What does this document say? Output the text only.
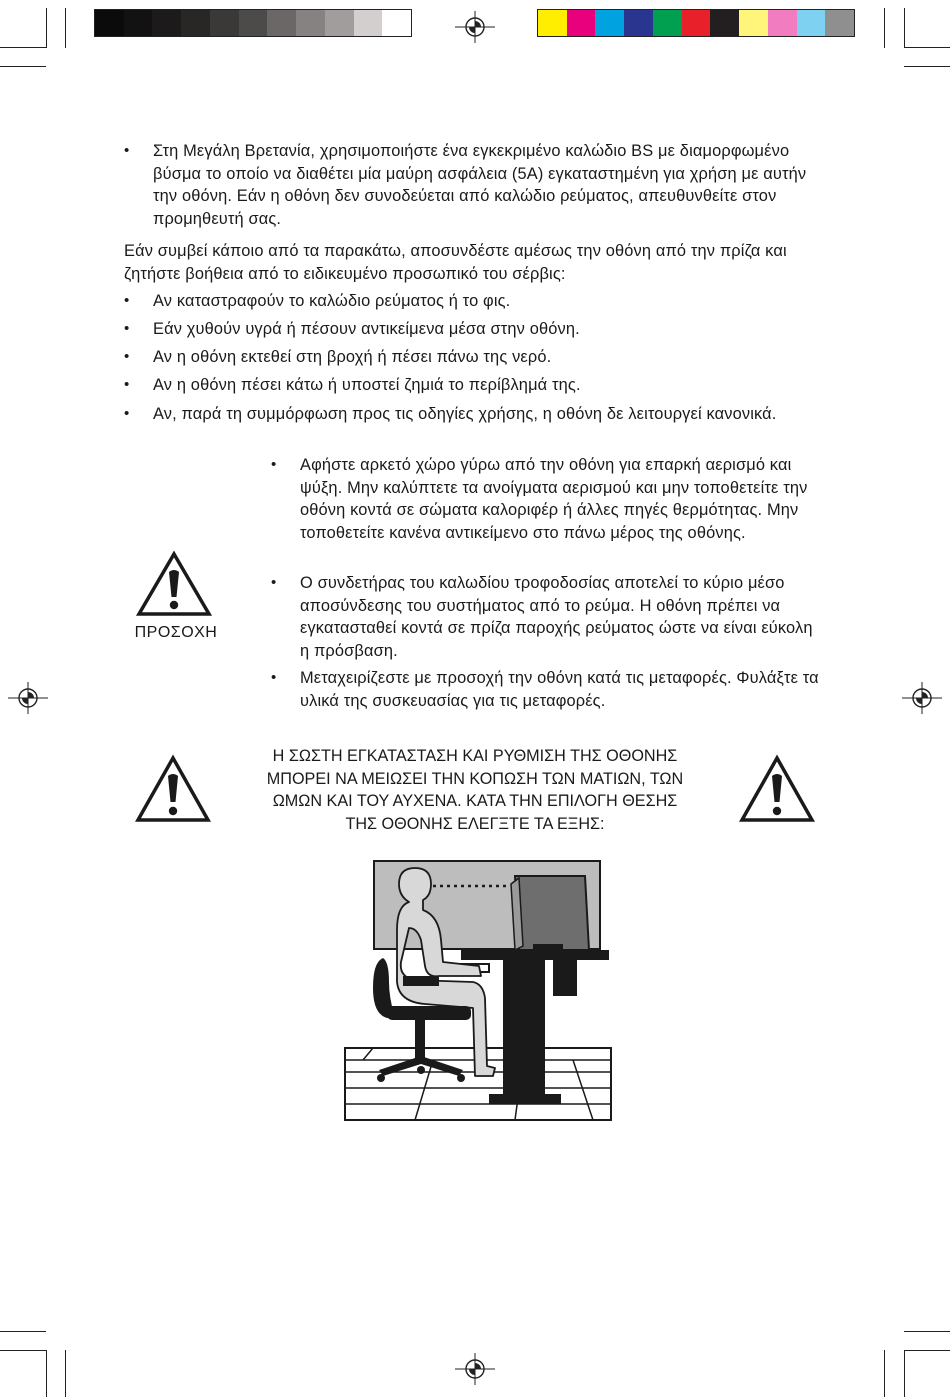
• Στη Μεγάλη Βρετανία, χρησιμοποιήστε ένα εγκεκριμένο καλώδιο BS με διαμορφωμένο βύσμα το οποίο να διαθέτει μία μαύρη ασφάλεια (5A) εγκαταστημένη για χρήση με αυτήν την οθόνη. Εάν η οθόνη δεν συνοδεύεται από καλώδιο ρεύματος, απευθυνθείτε στον προμηθευτή σας.
Εάν συμβεί κάποιο από τα παρακάτω, αποσυνδέστε αμέσως την οθόνη από την πρίζα και ζητήστε βοήθεια από το ειδικευμένο προσωπικό του σέρβις:
• Αν καταστραφούν το καλώδιο ρεύματος ή το φις.
• Εάν χυθούν υγρά ή πέσουν αντικείμενα μέσα στην οθόνη.
• Αν η οθόνη εκτεθεί στη βροχή ή πέσει πάνω της νερό.
• Αν η οθόνη πέσει κάτω ή υποστεί ζημιά το περίβλημά της.
• Αν, παρά τη συμμόρφωση προς τις οδηγίες χρήσης, η οθόνη δε λειτουργεί κανονικά.
ΠΡΟΣΟΧΗ
• Αφήστε αρκετό χώρο γύρω από την οθόνη για επαρκή αερισμό και ψύξη. Μην καλύπτετε τα ανοίγματα αερισμού και μην τοποθετείτε την οθόνη κοντά σε σώματα καλοριφέρ ή άλλες πηγές θερμότητας. Μην τοποθετείτε κανένα αντικείμενο στο πάνω μέρος της οθόνης.
• Ο συνδετήρας του καλωδίου τροφοδοσίας αποτελεί το κύριο μέσο αποσύνδεσης του συστήματος από το ρεύμα. Η οθόνη πρέπει να εγκατασταθεί κοντά σε πρίζα παροχής ρεύματος ώστε να είναι εύκολη η πρόσβαση.
• Μεταχειρίζεστε με προσοχή την οθόνη κατά τις μεταφορές. Φυλάξτε τα υλικά της συσκευασίας για τις μεταφορές.
Η ΣΩΣΤΗ ΕΓΚΑΤΑΣΤΑΣΗ ΚΑΙ ΡΥΘΜΙΣΗ ΤΗΣ ΟΘΟΝΗΣ
ΜΠΟΡΕΙ ΝΑ ΜΕΙΩΣΕΙ ΤΗΝ ΚΟΠΩΣΗ ΤΩΝ ΜΑΤΙΩΝ, ΤΩΝ
ΩΜΩΝ ΚΑΙ ΤΟΥ ΑΥΧΕΝΑ. ΚΑΤΑ ΤΗΝ ΕΠΙΛΟΓΗ ΘΕΣΗΣ
ΤΗΣ ΟΘΟΝΗΣ ΕΛΕΓΞΤΕ ΤΑ ΕΞΗΣ:
